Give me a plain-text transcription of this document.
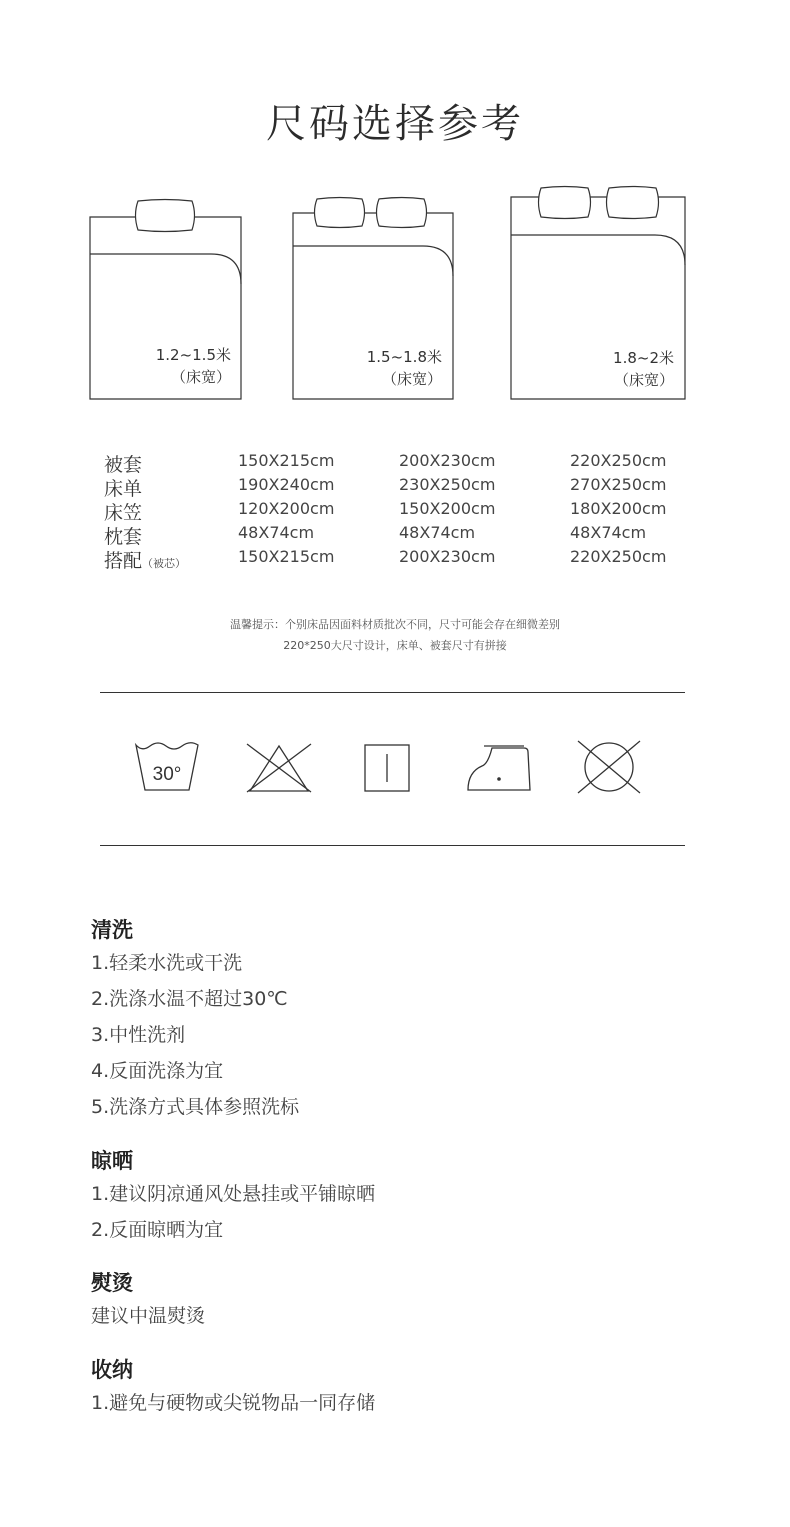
尺码选择参考
1.2~1.5米
（床宽）
1.5~1.8米
（床宽）
1.8~2米
（床宽）
被套	150X215cm	200X230cm	220X250cm
床单	190X240cm	230X250cm	270X250cm
床笠	120X200cm	150X200cm	180X200cm
枕套	48X74cm	48X74cm	48X74cm
搭配（被芯）	150X215cm	200X230cm	220X250cm
温馨提示：个别床品因面料材质批次不同，尺寸可能会存在细微差别
220*250大尺寸设计，床单、被套尺寸有拼接
30°
清洗
1.轻柔水洗或干洗
2.洗涤水温不超过30℃
3.中性洗剂
4.反面洗涤为宜
5.洗涤方式具体参照洗标
晾晒
1.建议阴凉通风处悬挂或平铺晾晒
2.反面晾晒为宜
熨烫
建议中温熨烫
收纳
1.避免与硬物或尖锐物品一同存储
